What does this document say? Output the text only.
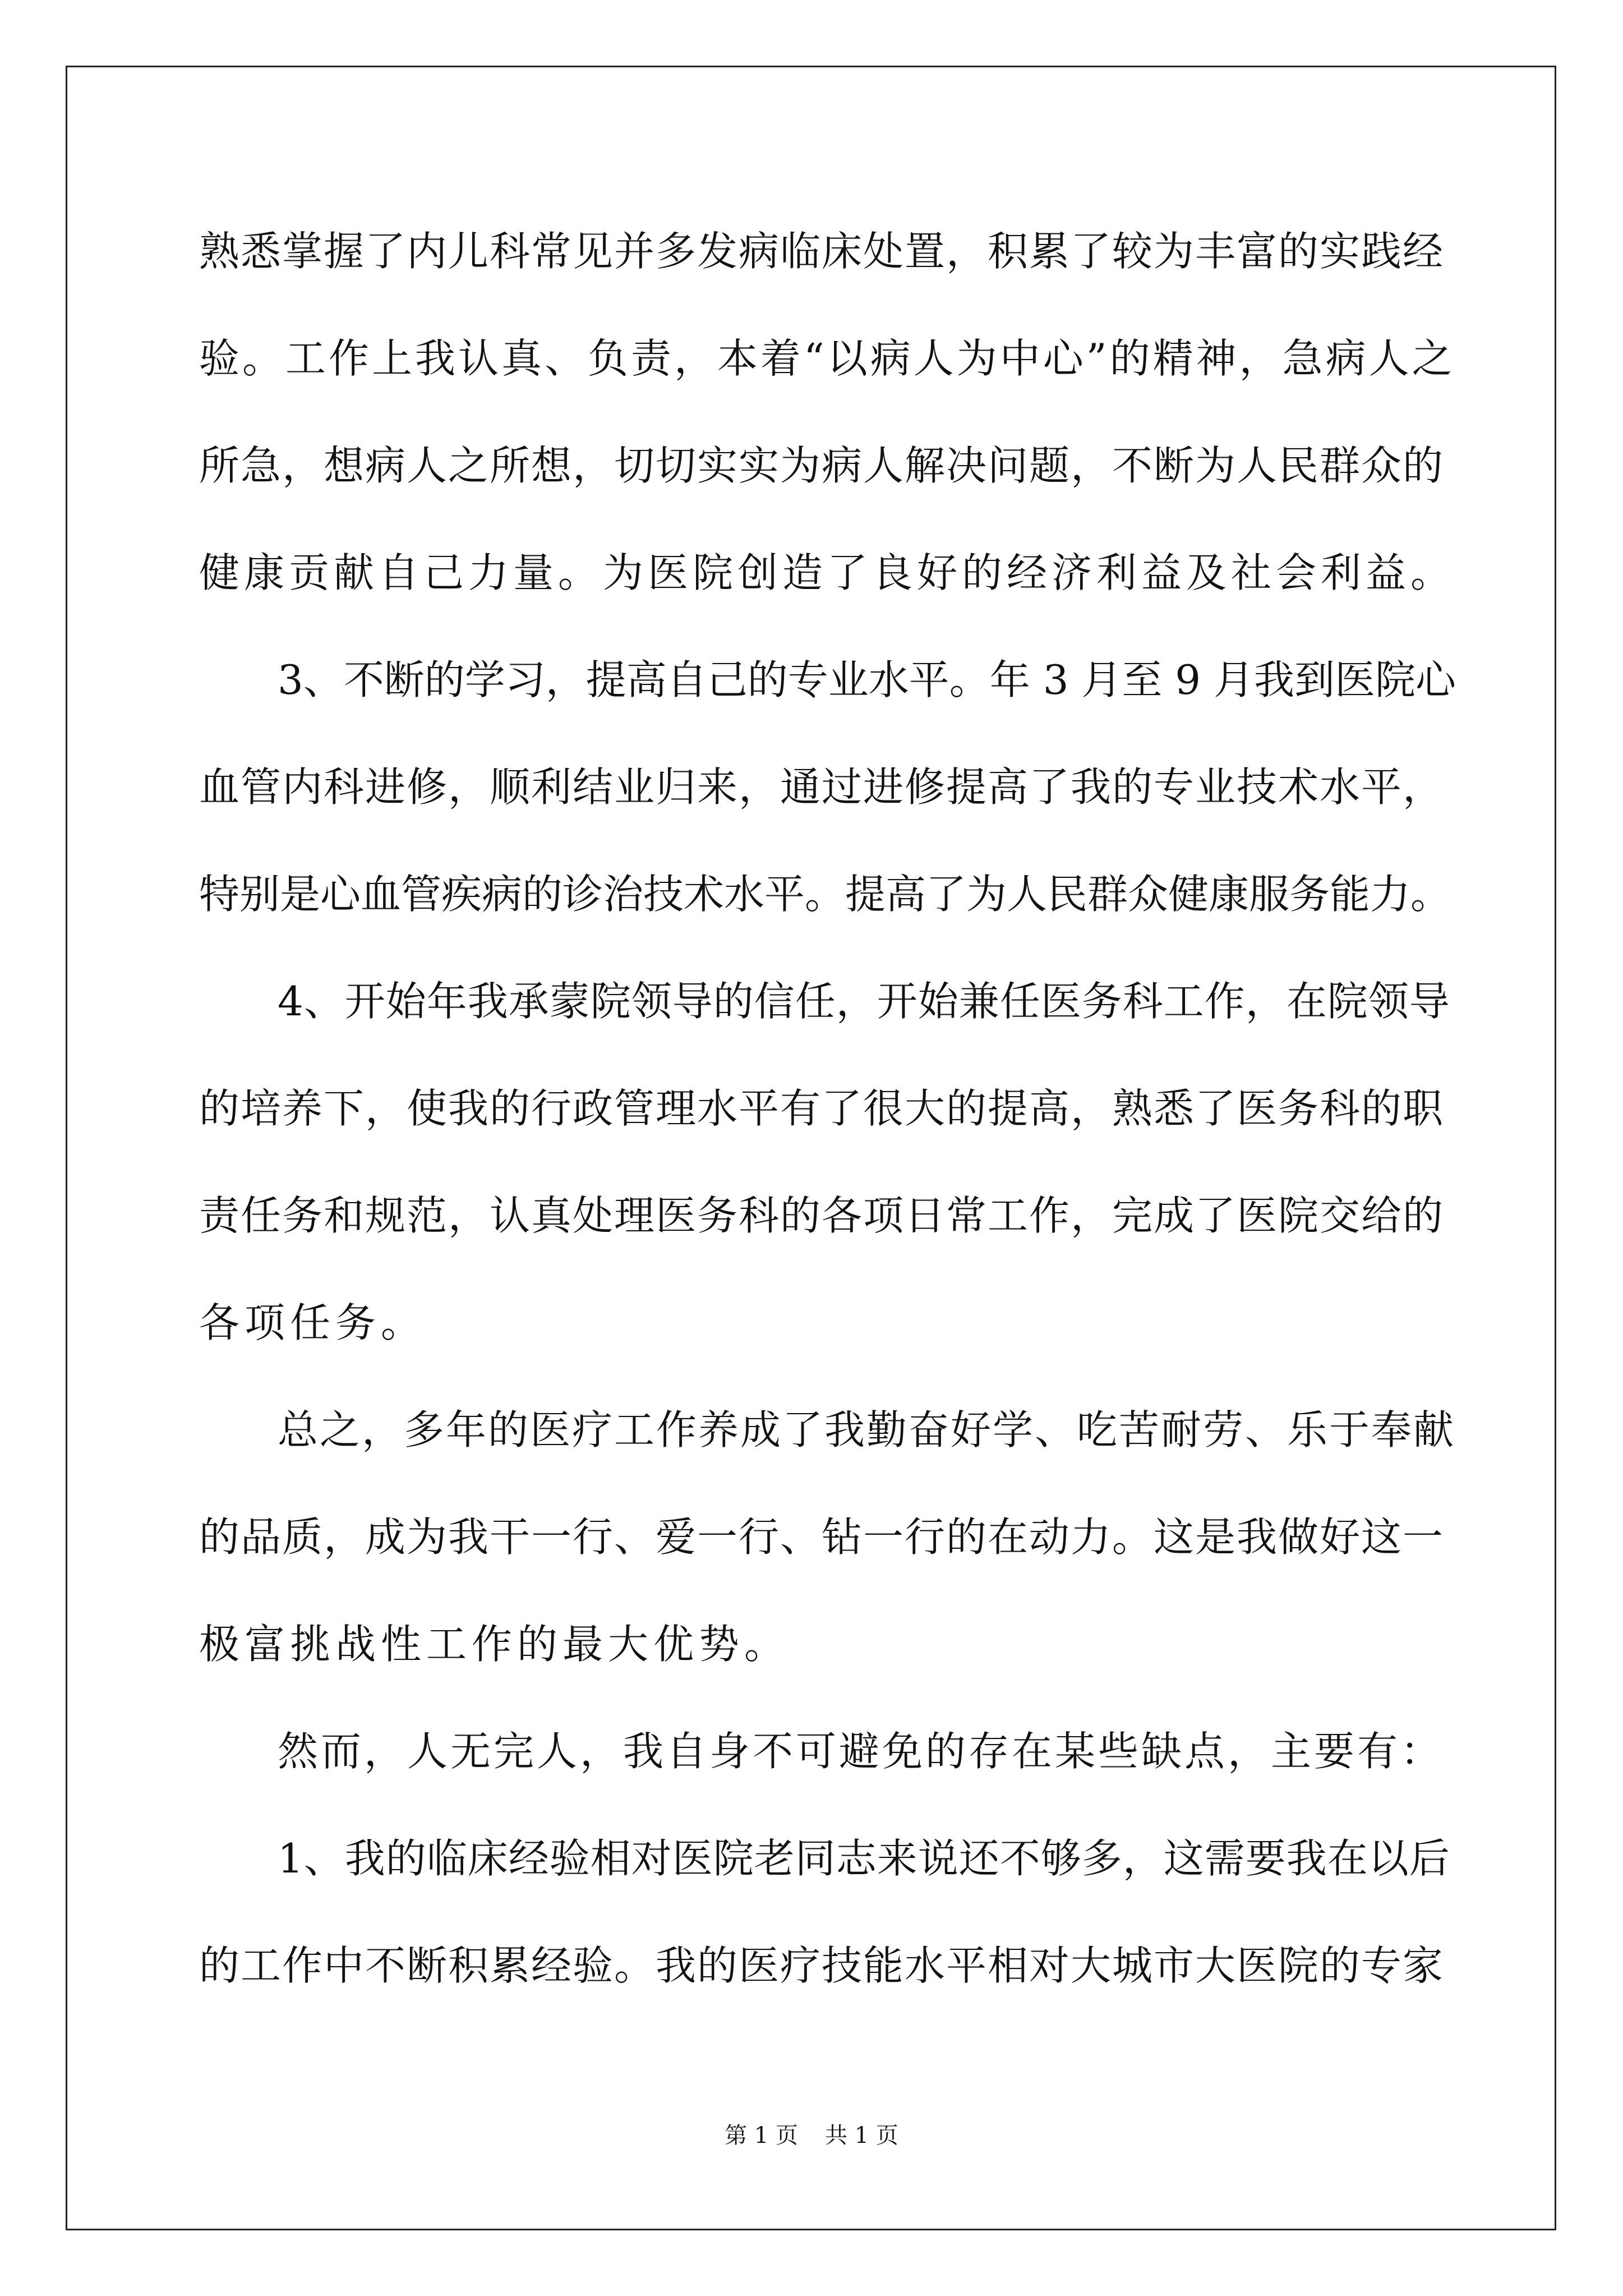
熟悉掌握了内儿科常见并多发病临床处置，积累了较为丰富的实践经

验。工作上我认真、负责，本着“以病人为中心”的精神，急病人之

所急，想病人之所想，切切实实为病人解决问题，不断为人民群众的

健康贡献自己力量。为医院创造了良好的经济利益及社会利益。

3、不断的学习，提高自己的专业水平。年 3 月至 9 月我到医院心

血管内科进修，顺利结业归来，通过进修提高了我的专业技术水平，

特别是心血管疾病的诊治技术水平。提高了为人民群众健康服务能力。

4、开始年我承蒙院领导的信任，开始兼任医务科工作，在院领导

的培养下，使我的行政管理水平有了很大的提高，熟悉了医务科的职

责任务和规范，认真处理医务科的各项日常工作，完成了医院交给的

各项任务。

总之，多年的医疗工作养成了我勤奋好学、吃苦耐劳、乐于奉献

的品质，成为我干一行、爱一行、钻一行的在动力。这是我做好这一

极富挑战性工作的最大优势。

然而，人无完人，我自身不可避免的存在某些缺点，主要有：

1、我的临床经验相对医院老同志来说还不够多，这需要我在以后

的工作中不断积累经验。我的医疗技能水平相对大城市大医院的专家

第 1 页 共 1 页
